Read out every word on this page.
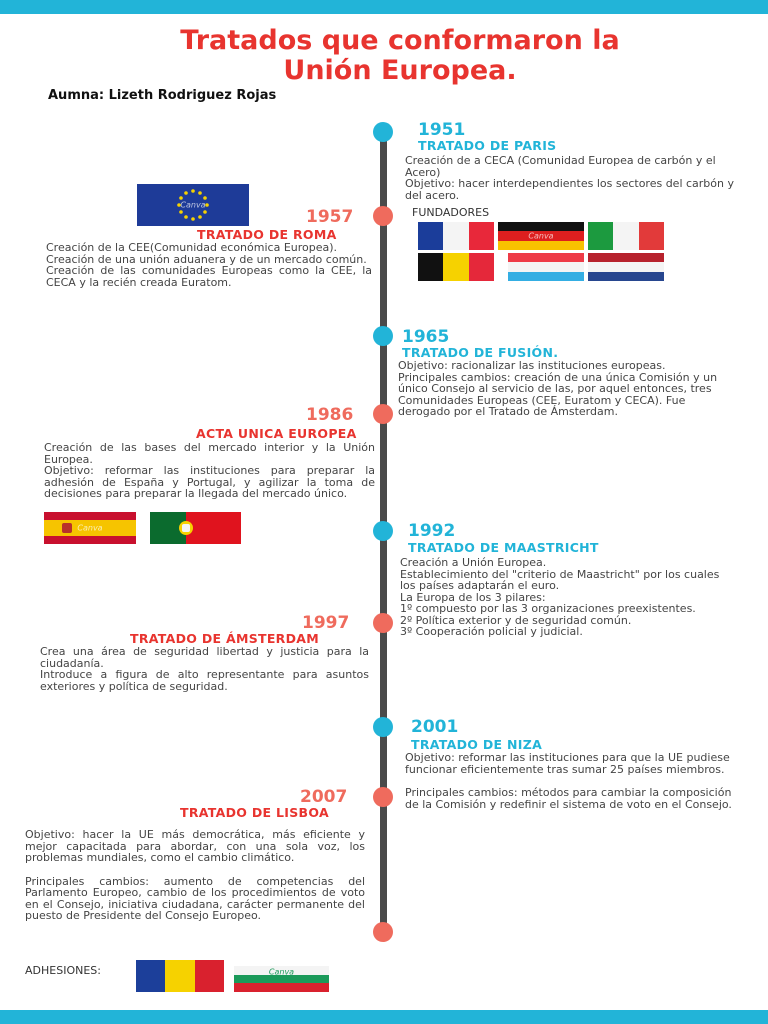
Tratados que conformaron la
Unión Europea.
Aumna: Lizeth Rodriguez Rojas
1951
TRATADO DE PARIS

Creación de a CECA (Comunidad Europea de carbón y el Acero)

Objetivo: hacer interdependientes los sectores del carbón y del acero.

FUNDADORES
Canva
Canva
1957
TRATADO DE ROMA

Creación de la CEE(Comunidad económica Europea).

Creación de una unión aduanera y de un mercado común.

Creación de las comunidades Europeas como la CEE, la CECA y la recién creada Euratom.

1965
TRATADO DE FUSIÓN.

Objetivo: racionalizar las instituciones europeas.

Principales cambios: creación de una única Comisión y un único Consejo al servicio de las, por aquel entonces, tres Comunidades Europeas (CEE, Euratom y CECA). Fue derogado por el Tratado de Ámsterdam.

1986
ACTA UNICA EUROPEA

Creación de las bases del mercado interior y la Unión Europea.

Objetivo: reformar las instituciones para preparar la adhesión de España y Portugal, y agilizar la toma de decisiones para preparar la llegada del mercado único.

Canva	1992
TRATADO DE MAASTRICHT

Creación a Unión Europea.

Establecimiento del "criterio de Maastricht" por los cuales los países adaptarán el euro.

La Europa de los 3 pilares:

1º compuesto por las 3 organizaciones preexistentes.

2º Política exterior y de seguridad común.

3º Cooperación policial y judicial.

1997
TRATADO DE ÁMSTERDAM

Crea una área de seguridad libertad y justicia para la ciudadanía.

Introduce a figura de alto representante para asuntos exteriores y política de seguridad.

2001
TRATADO DE NIZA

Objetivo: reformar las instituciones para que la UE pudiese funcionar eficientemente tras sumar 25 países miembros.

Principales cambios: métodos para cambiar la composición de la Comisión y redefinir el sistema de voto en el Consejo.

2007
TRATADO DE LISBOA

Objetivo: hacer la UE más democrática, más eficiente y mejor capacitada para abordar, con una sola voz, los problemas mundiales, como el cambio climático.

Principales cambios: aumento de competencias del Parlamento Europeo, cambio de los procedimientos de voto en el Consejo, iniciativa ciudadana, carácter permanente del puesto de Presidente del Consejo Europeo.

ADHESIONES:	Canva
